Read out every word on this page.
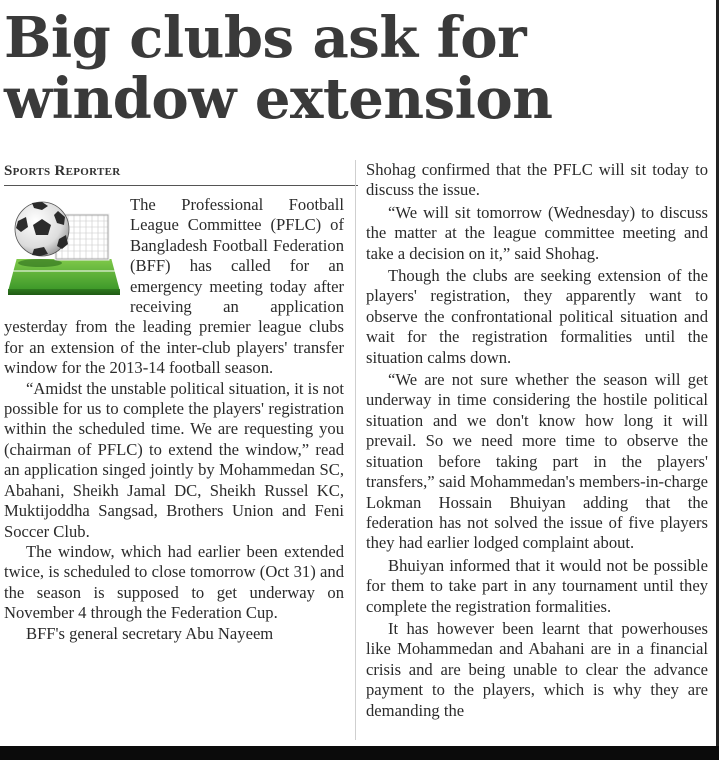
Big clubs ask for window extension
Sports Reporter

The Professional Football League Committee (PFLC) of Bangladesh Football Federation (BFF) has called for an emergency meeting today after receiving an application yesterday from the leading premier league clubs for an extension of the inter-club players' transfer window for the 2013-14 football season.

“Amidst the unstable political situation, it is not possible for us to complete the players' registration within the scheduled time. We are requesting you (chairman of PFLC) to extend the window,” read an application singed jointly by Mohammedan SC, Abahani, Sheikh Jamal DC, Sheikh Russel KC, Muktijoddha Sangsad, Brothers Union and Feni Soccer Club.

The window, which had earlier been extended twice, is scheduled to close tomorrow (Oct 31) and the season is supposed to get underway on November 4 through the Federation Cup.

BFF's general secretary Abu Nayeem

Shohag confirmed that the PFLC will sit today to discuss the issue.

“We will sit tomorrow (Wednesday) to discuss the matter at the league committee meeting and take a decision on it,” said Shohag.

Though the clubs are seeking extension of the players' registration, they apparently want to observe the confrontational political situation and wait for the registration formalities until the situation calms down.

“We are not sure whether the season will get underway in time considering the hostile political situation and we don't know how long it will prevail. So we need more time to observe the situation before taking part in the players' transfers,” said Mohammedan's members-in-charge Lokman Hossain Bhuiyan adding that the federation has not solved the issue of five players they had earlier lodged complaint about.

Bhuiyan informed that it would not be possible for them to take part in any tournament until they complete the registration formalities.

It has however been learnt that powerhouses like Mohammedan and Abahani are in a financial crisis and are being unable to clear the advance payment to the players, which is why they are demanding the
